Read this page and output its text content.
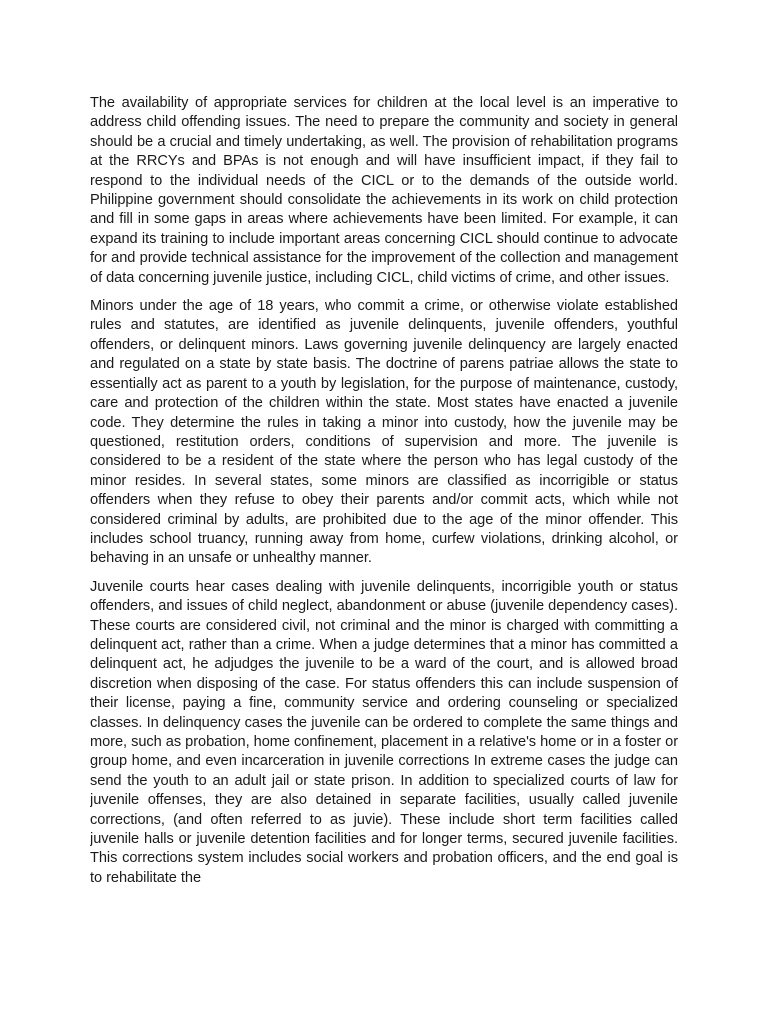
The availability of appropriate services for children at the local level is an imperative to address child offending issues. The need to prepare the community and society in general should be a crucial and timely undertaking, as well. The provision of rehabilitation programs at the RRCYs and BPAs is not enough and will have insufficient impact, if they fail to respond to the individual needs of the CICL or to the demands of the outside world. Philippine government should consolidate the achievements in its work on child protection and fill in some gaps in areas where achievements have been limited. For example, it can expand its training to include important areas concerning CICL should continue to advocate for and provide technical assistance for the improvement of the collection and management of data concerning juvenile justice, including CICL, child victims of crime, and other issues.

Minors under the age of 18 years, who commit a crime, or otherwise violate established rules and statutes, are identified as juvenile delinquents, juvenile offenders, youthful offenders, or delinquent minors. Laws governing juvenile delinquency are largely enacted and regulated on a state by state basis. The doctrine of parens patriae allows the state to essentially act as parent to a youth by legislation, for the purpose of maintenance, custody, care and protection of the children within the state. Most states have enacted a juvenile code. They determine the rules in taking a minor into custody, how the juvenile may be questioned, restitution orders, conditions of supervision and more. The juvenile is considered to be a resident of the state where the person who has legal custody of the minor resides. In several states, some minors are classified as incorrigible or status offenders when they refuse to obey their parents and/or commit acts, which while not considered criminal by adults, are prohibited due to the age of the minor offender. This includes school truancy, running away from home, curfew violations, drinking alcohol, or behaving in an unsafe or unhealthy manner.

Juvenile courts hear cases dealing with juvenile delinquents, incorrigible youth or status offenders, and issues of child neglect, abandonment or abuse (juvenile dependency cases). These courts are considered civil, not criminal and the minor is charged with committing a delinquent act, rather than a crime. When a judge determines that a minor has committed a delinquent act, he adjudges the juvenile to be a ward of the court, and is allowed broad discretion when disposing of the case. For status offenders this can include suspension of their license, paying a fine, community service and ordering counseling or specialized classes. In delinquency cases the juvenile can be ordered to complete the same things and more, such as probation, home confinement, placement in a relative's home or in a foster or group home, and even incarceration in juvenile corrections In extreme cases the judge can send the youth to an adult jail or state prison. In addition to specialized courts of law for juvenile offenses, they are also detained in separate facilities, usually called juvenile corrections, (and often referred to as juvie). These include short term facilities called juvenile halls or juvenile detention facilities and for longer terms, secured juvenile facilities. This corrections system includes social workers and probation officers, and the end goal is to rehabilitate the
